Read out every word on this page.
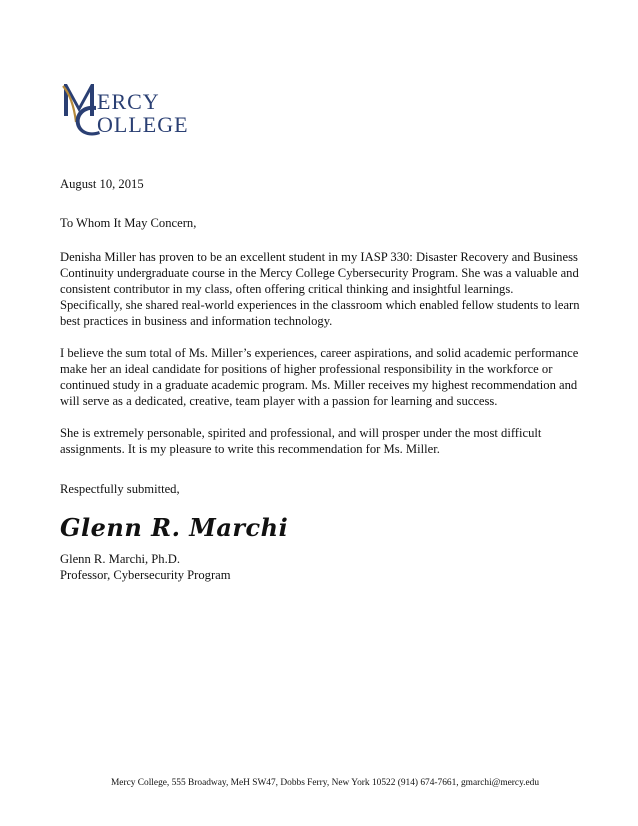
ERCY
OLLEGE

August 10, 2015

To Whom It May Concern,

Denisha Miller has proven to be an excellent student in my IASP 330: Disaster Recovery and Business
Continuity undergraduate course in the Mercy College Cybersecurity Program. She was a valuable and
consistent contributor in my class, often offering critical thinking and insightful learnings.
Specifically, she shared real-world experiences in the classroom which enabled fellow students to learn
best practices in business and information technology.

I believe the sum total of Ms. Miller’s experiences, career aspirations, and solid academic performance
make her an ideal candidate for positions of higher professional responsibility in the workforce or
continued study in a graduate academic program. Ms. Miller receives my highest recommendation and
will serve as a dedicated, creative, team player with a passion for learning and success.

She is extremely personable, spirited and professional, and will prosper under the most difficult
assignments. It is my pleasure to write this recommendation for Ms. Miller.

Respectfully submitted,

Glenn R. Marchi
Glenn R. Marchi, Ph.D.
Professor, Cybersecurity Program
Mercy College, 555 Broadway, MeH SW47, Dobbs Ferry, New York 10522 (914) 674-7661, gmarchi@mercy.edu
